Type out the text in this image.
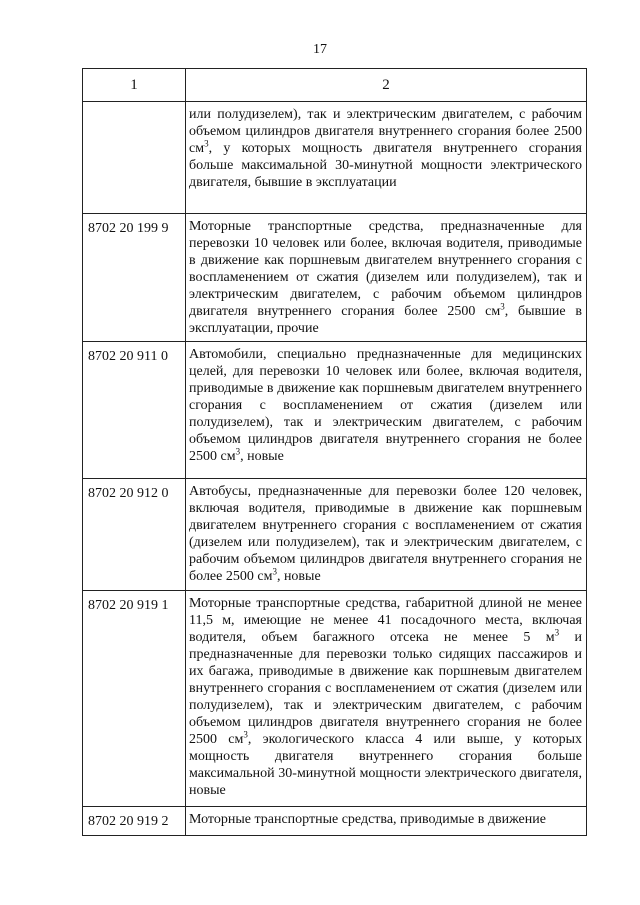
17
1	2

	или полудизелем), так и электрическим двигателем, с рабочим объемом цилиндров двигателя внутреннего сгорания более 2500 $см^3$, у которых мощность двигателя внутреннего сгорания больше максимальной 30-минутной мощности электрического двигателя, бывшие в эксплуатации

8702 20 199 9	Моторные транспортные средства, предназначенные для перевозки 10 человек или более, включая водителя, приводимые в движение как поршневым двигателем внутреннего сгорания с воспламенением от сжатия (дизелем или полудизелем), так и электрическим двигателем, с рабочим объемом цилиндров двигателя внутреннего сгорания более 2500 $см^3$, бывшие в эксплуатации, прочие

8702 20 911 0	Автомобили, специально предназначенные для медицинских целей, для перевозки 10 человек или более, включая водителя, приводимые в движение как поршневым двигателем внутреннего сгорания с воспламенением от сжатия (дизелем или полудизелем), так и электрическим двигателем, с рабочим объемом цилиндров двигателя внутреннего сгорания не более 2500 $см^3$, новые

8702 20 912 0	Автобусы, предназначенные для перевозки более 120 человек, включая водителя, приводимые в движение как поршневым двигателем внутреннего сгорания с воспламенением от сжатия (дизелем или полудизелем), так и электрическим двигателем, с рабочим объемом цилиндров двигателя внутреннего сгорания не более 2500 $см^3$, новые

8702 20 919 1	Моторные транспортные средства, габаритной длиной не менее 11,5 м, имеющие не менее 41 посадочного места, включая водителя, объем багажного отсека не менее 5 $м^3$ и предназначенные для перевозки только сидящих пассажиров и их багажа, приводимые в движение как поршневым двигателем внутреннего сгорания с воспламенением от сжатия (дизелем или полудизелем), так и электрическим двигателем, с рабочим объемом цилиндров двигателя внутреннего сгорания не более 2500 $см^3$, экологического класса 4 или выше, у которых мощность двигателя внутреннего сгорания больше максимальной 30-минутной мощности электрического двигателя, новые

8702 20 919 2	Моторные транспортные средства, приводимые в движение
